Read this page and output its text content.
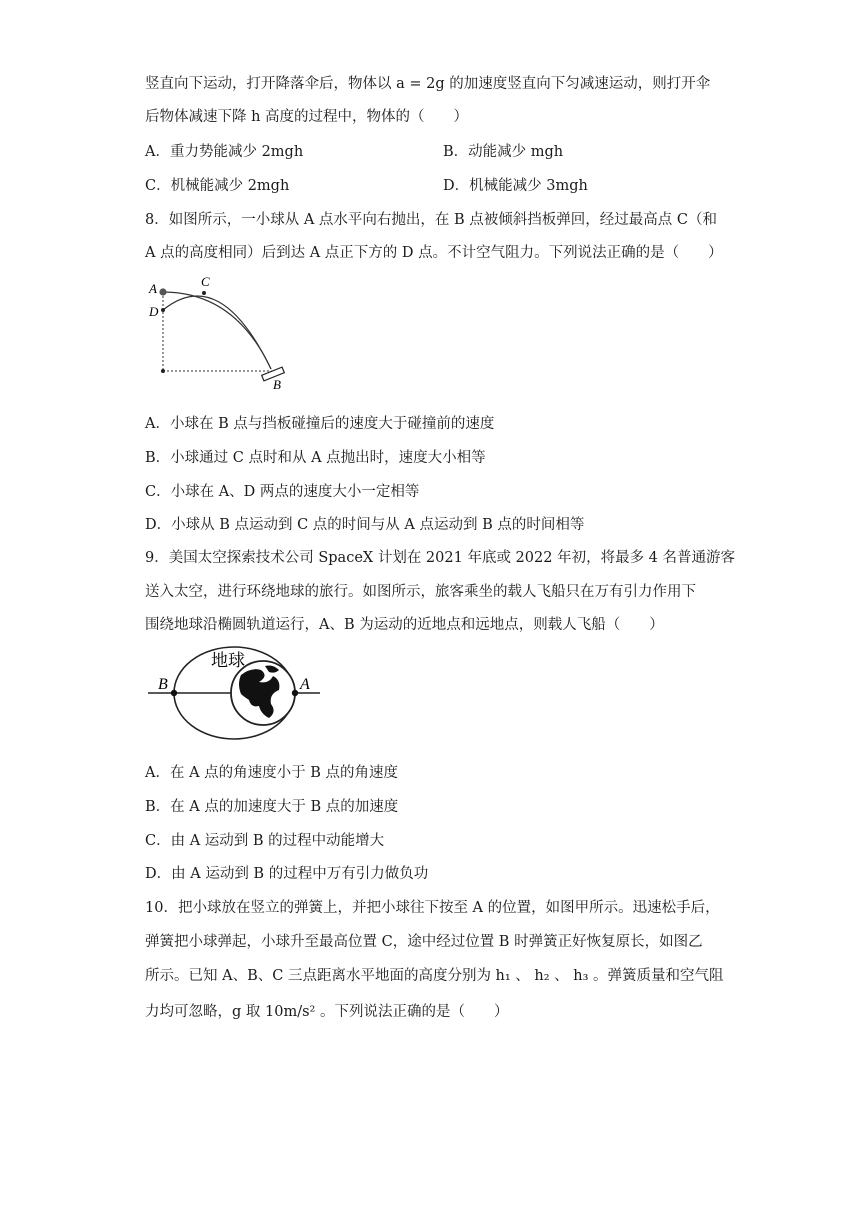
竖直向下运动，打开降落伞后，物体以 a = 2g 的加速度竖直向下匀减速运动，则打开伞
后物体减速下降 h 高度的过程中，物体的（　　）
A．重力势能减少 2mgh	B．动能减少 mgh
C．机械能减少 2mgh	D．机械能减少 3mgh
8．如图所示，一小球从 A 点水平向右抛出，在 B 点被倾斜挡板弹回，经过最高点 C（和
A 点的高度相同）后到达 A 点正下方的 D 点。不计空气阻力。下列说法正确的是（　　）
A	C
D
B
A．小球在 B 点与挡板碰撞后的速度大于碰撞前的速度
B．小球通过 C 点时和从 A 点抛出时，速度大小相等
C．小球在 A、D 两点的速度大小一定相等
D．小球从 B 点运动到 C 点的时间与从 A 点运动到 B 点的时间相等
9．美国太空探索技术公司 SpaceX 计划在 2021 年底或 2022 年初，将最多 4 名普通游客
送入太空，进行环绕地球的旅行。如图所示，旅客乘坐的载人飞船只在万有引力作用下
围绕地球沿椭圆轨道运行，A、B 为运动的近地点和远地点，则载人飞船（　　）
地球
B	A
A．在 A 点的角速度小于 B 点的角速度
B．在 A 点的加速度大于 B 点的加速度
C．由 A 运动到 B 的过程中动能增大
D．由 A 运动到 B 的过程中万有引力做负功
10．把小球放在竖立的弹簧上，并把小球往下按至 A 的位置，如图甲所示。迅速松手后，
弹簧把小球弹起，小球升至最高位置 C，途中经过位置 B 时弹簧正好恢复原长，如图乙
所示。已知 A、B、C 三点距离水平地面的高度分别为 h₁ 、 h₂ 、 h₃ 。弹簧质量和空气阻
力均可忽略，g 取 10m/s² 。下列说法正确的是（　　）
